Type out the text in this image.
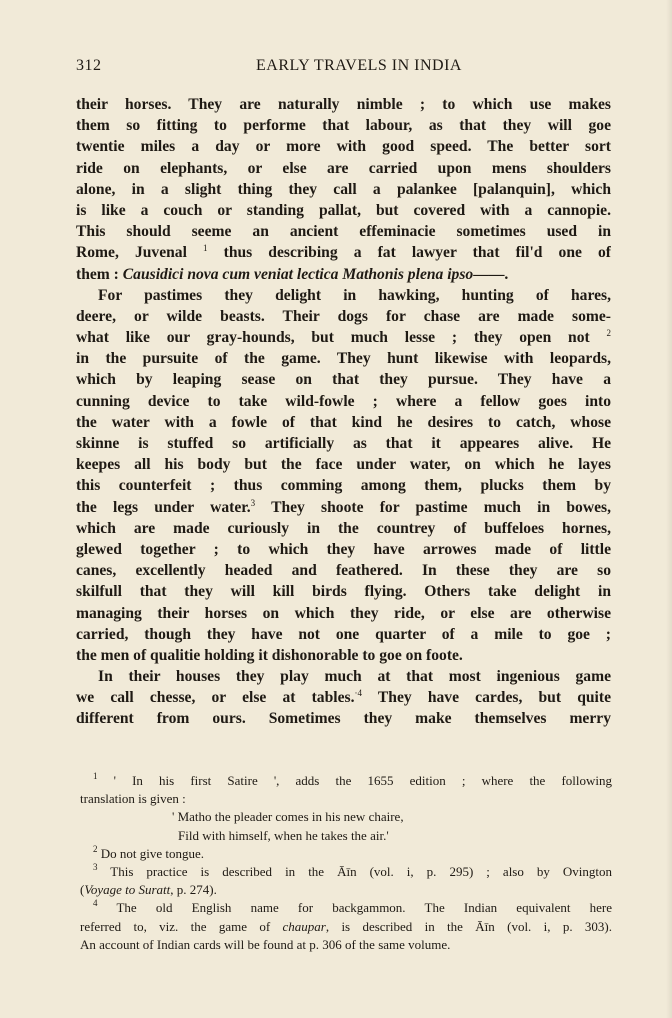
312	EARLY TRAVELS IN INDIA
their horses. They are naturally nimble ; to which use makes
them so fitting to performe that labour, as that they will goe
twentie miles a day or more with good speed. The better sort
ride on elephants, or else are carried upon mens shoulders
alone, in a slight thing they call a palankee [palanquin], which
is like a couch or standing pallat, but covered with a cannopie.
This should seeme an ancient effeminacie sometimes used in
Rome, Juvenal $^1$ thus describing a fat lawyer that fil'd one of
them : Causidici nova cum veniat lectica Mathonis plena ipso——.
For pastimes they delight in hawking, hunting of hares,
deere, or wilde beasts. Their dogs for chase are made some-
what like our gray-hounds, but much lesse ; they open not $^2$
in the pursuite of the game. They hunt likewise with leopards,
which by leaping sease on that they pursue. They have a
cunning device to take wild-fowle ; where a fellow goes into
the water with a fowle of that kind he desires to catch, whose
skinne is stuffed so artificially as that it appeares alive. He
keepes all his body but the face under water, on which he layes
this counterfeit ; thus comming among them, plucks them by
the legs under water.$^3$ They shoote for pastime much in bowes,
which are made curiously in the countrey of buffeloes hornes,
glewed together ; to which they have arrowes made of little
canes, excellently headed and feathered. In these they are so
skilfull that they will kill birds flying. Others take delight in
managing their horses on which they ride, or else are otherwise
carried, though they have not one quarter of a mile to goe ;
the men of qualitie holding it dishonorable to goe on foote.
In their houses they play much at that most ingenious game
we call chesse, or else at tables.$^{\cdot 4}$ They have cardes, but quite
different from ours. Sometimes they make themselves merry
$^1$ ' In his first Satire ', adds the 1655 edition ; where the following
translation is given :
' Matho the pleader comes in his new chaire,
Fild with himself, when he takes the air.'
$^2$ Do not give tongue.
$^3$ This practice is described in the Āīn (vol. i, p. 295) ; also by Ovington
(Voyage to Suratt, p. 274).
$^4$ The old English name for backgammon. The Indian equivalent here
referred to, viz. the game of chaupar, is described in the Āīn (vol. i, p. 303).
An account of Indian cards will be found at p. 306 of the same volume.
